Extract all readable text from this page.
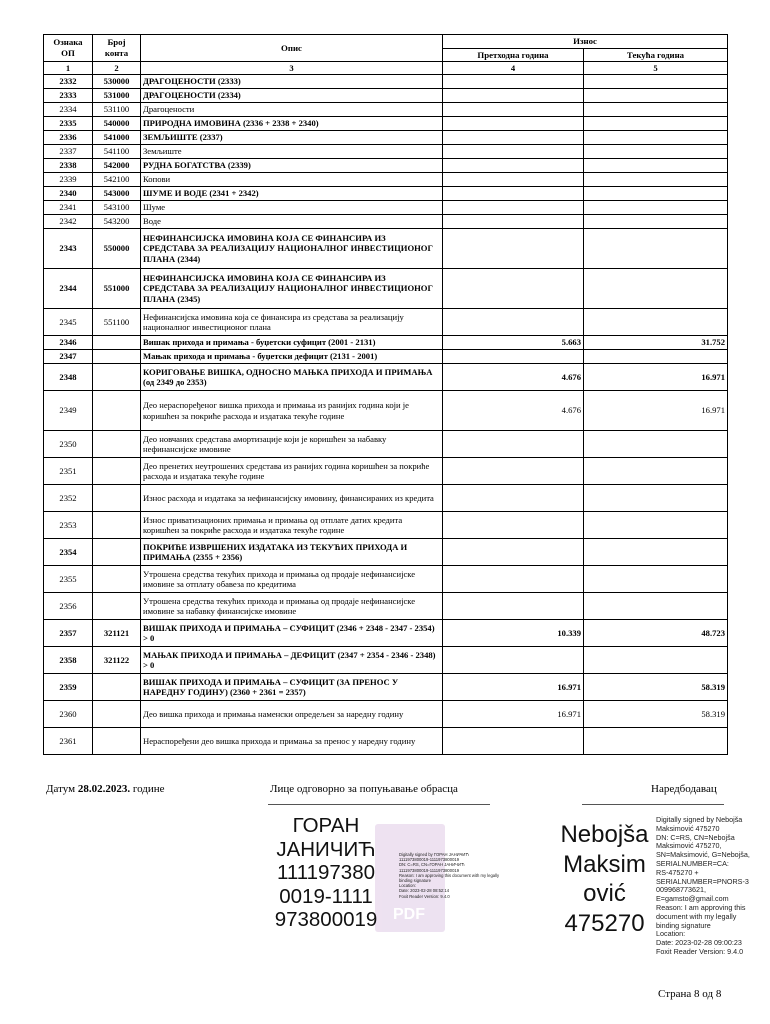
Ознака ОП	Број конта	Опис	Износ	
			Претходна година	Текућа година
1	2	3	4	5
2332	530000	ДРАГОЦЕНОСТИ (2333)		
2333	531000	ДРАГОЦЕНОСТИ (2334)		
2334	531100	Драгоцености		
2335	540000	ПРИРОДНА ИМОВИНА (2336 + 2338 + 2340)		
2336	541000	ЗЕМЉИШТЕ (2337)		
2337	541100	Земљиште		
2338	542000	РУДНА БОГАТСТВА (2339)		
2339	542100	Копови		
2340	543000	ШУМЕ И ВОДЕ (2341 + 2342)		
2341	543100	Шуме		
2342	543200	Воде		
2343	550000	НЕФИНАНСИЈСКА ИМОВИНА КОЈА СЕ ФИНАНСИРА ИЗ СРЕДСТАВА ЗА РЕАЛИЗАЦИЈУ НАЦИОНАЛНОГ ИНВЕСТИЦИОНОГ ПЛАНА (2344)		
2344	551000	НЕФИНАНСИЈСКА ИМОВИНА КОЈА СЕ ФИНАНСИРА ИЗ СРЕДСТАВА ЗА РЕАЛИЗАЦИЈУ НАЦИОНАЛНОГ ИНВЕСТИЦИОНОГ ПЛАНА (2345)		
2345	551100	Нефинансијска имовина која се финансира из средстава за реализацију националног инвестиционог плана		
2346		Вишак прихода и примања - буџетски суфицит (2001 - 2131)	5.663	31.752
2347		Мањак прихода и примања - буџетски дефицит (2131 - 2001)		
2348		КОРИГОВАЊЕ ВИШКА, ОДНОСНО МАЊКА ПРИХОДА И ПРИМАЊА (од 2349 до 2353)	4.676	16.971
2349		Део нераспоређеног вишка прихода и примања из ранијих година који је коришћен за покриће расхода и издатака текуће године	4.676	16.971
2350		Део новчаних средстава амортизације који је коришћен за набавку нефинансијске имовине		
2351		Део пренетих неутрошених средстава из ранијих година коришћен за покриће расхода и издатака текуће године		
2352		Износ расхода и издатака за нефинансијску имовину, финансираних из кредита		
2353		Износ приватизационих примања и примања од отплате датих кредита коришћен за покриће расхода и издатака текуће године		
2354		ПОКРИЋЕ ИЗВРШЕНИХ ИЗДАТАКА ИЗ ТЕКУЋИХ ПРИХОДА И ПРИМАЊА (2355 + 2356)		
2355		Утрошена средства текућих прихода и примања од продаје нефинансијске имовине за отплату обавеза по кредитима		
2356		Утрошена средства текућих прихода и примања од продаје нефинансијске имовине за набавку финансијске имовине		
2357	321121	ВИШАК ПРИХОДА И ПРИМАЊА – СУФИЦИТ (2346 + 2348 - 2347 - 2354) > 0	10.339	48.723
2358	321122	МАЊАК ПРИХОДА И ПРИМАЊА – ДЕФИЦИТ (2347 + 2354 - 2346 - 2348) > 0		
2359		ВИШАК ПРИХОДА И ПРИМАЊА – СУФИЦИТ (ЗА ПРЕНОС У НАРЕДНУ ГОДИНУ) (2360 + 2361 = 2357)	16.971	58.319
2360		Део вишка прихода и примања наменски опредељен за наредну годину	16.971	58.319
2361		Нераспоређени део вишка прихода и примања за пренос у наредну годину		
Датум 28.02.2023. године	Лице одговорно за попуњавање обрасца	Наредбодавац
PDF
ГОРАН
ЈАНИЧИЋ
111197380
0019-1111
973800019
Digitally signed by ГОРАН ЈАНИЧИЋ
1111973800019-1111973800019
DN: C=RS, CN=ГОРАН ЈАНИЧИЋ
1111973800019-1111973800019
Reason: I am approving this document with my legally
binding signature
Location:
Date: 2023-02-28 08:52:14
Foxit Reader Version: 9.4.0
Nebojša
Maksim
ović
475270
Digitally signed by Nebojša
Maksimović 475270
DN: C=RS, CN=Nebojša
Maksimović 475270,
SN=Maksimović, G=Nebojša,
SERIALNUMBER=CA:
RS-475270 +
SERIALNUMBER=PNORS-3
009968773621,
E=gamsto@gmail.com
Reason: I am approving this
document with my legally
binding signature
Location:
Date: 2023-02-28 09:00:23
Foxit Reader Version: 9.4.0
Страна 8 од 8
